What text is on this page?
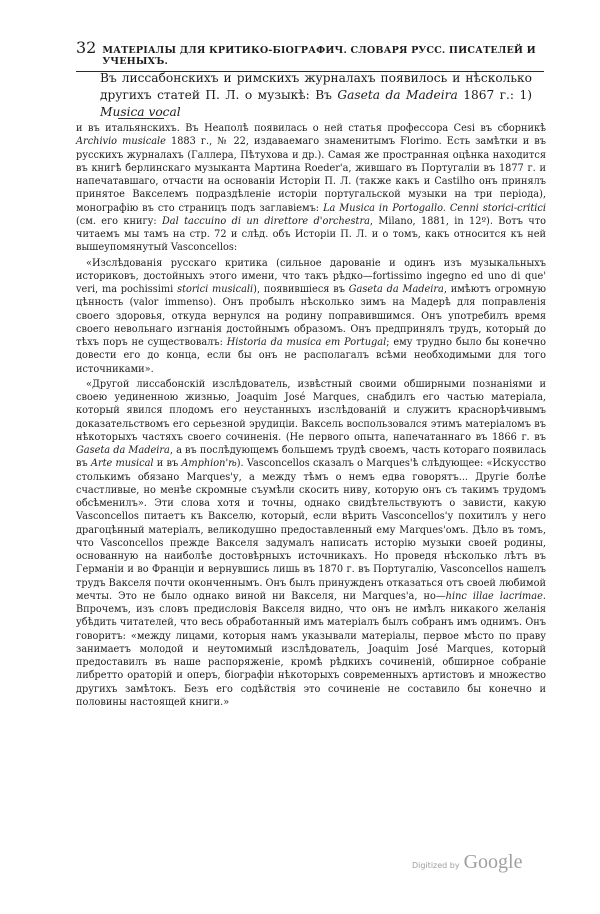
32 МАТЕРІАЛЫ ДЛЯ КРИТИКО-БІОГРАФИЧ. СЛОВАРЯ РУСС. ПИСАТЕЛЕЙ И УЧЕНЫХЪ.
Въ лиссабонскихъ и римскихъ журналахъ появилось и нѣсколько другихъ статей П. Л. о музыкѣ: Въ Gaseta da Madeira 1867 г.: 1) Musica vocal

и въ итальянскихъ. Въ Неаполѣ появилась о ней статья профессора Cesi въ сборникѣ Archivio musicale 1883 г., № 22, издаваемаго знаменитымъ Florimo. Есть замѣтки и въ русскихъ журналахъ (Галлера, Пѣтухова и др.). Самая же пространная оцѣнка находится въ книгѣ берлинскаго музыканта Мартина Roeder'а, жившаго въ Португаліи въ 1877 г. и напечатавшаго, отчасти на основаніи Исторіи П. Л. (также какъ и Castilho онъ принялъ принятое Вакселемъ подраздѣленіе исторіи португальской музыки на три періода), монографію въ сто страницъ подъ заглавіемъ: La Musica in Portogallo. Cenni storici-critici (см. его книгу: Dal taccuino di un direttore d'orchestra, Milano, 1881, in 12º). Вотъ что читаемъ мы тамъ на стр. 72 и слѣд. объ Исторіи П. Л. и о томъ, какъ относится къ ней вышеупомянутый Vasconcellos:

«Изслѣдованія русскаго критика (сильное дарованіе и одинъ изъ музыкальныхъ историковъ, достойныхъ этого имени, что такъ рѣдко—fortissimo ingegno ed uno di que' veri, ma pochissimi storici musicali), появившіеся въ Gaseta da Madeira, имѣютъ огромную цѣнность (valor immenso). Онъ пробылъ нѣсколько зимъ на Мадерѣ для поправленія своего здоровья, откуда вернулся на родину поправившимся. Онъ употребилъ время своего невольнаго изгнанія достойнымъ образомъ. Онъ предпринялъ трудъ, который до тѣхъ поръ не существовалъ: Historia da musica em Portugal; ему трудно было бы конечно довести его до конца, если бы онъ не располагалъ всѣми необходимыми для того источниками».

«Другой лиссабонскій изслѣдователь, извѣстный своими обширными познаніями и своею уединенною жизнью, Joaquim José Marques, снабдилъ его частью матеріала, который явился плодомъ его неустанныхъ изслѣдованій и служитъ краснорѣчивымъ доказательствомъ его серьезной эрудиціи. Ваксель воспользовался этимъ матеріаломъ въ нѣкоторыхъ частяхъ своего сочиненія. (Не первого опыта, напечатаннаго въ 1866 г. въ Gaseta da Madeira, а въ послѣдующемъ большемъ трудѣ своемъ, часть котораго появилась въ Arte musical и въ Amphion'ѣ). Vasconcellos сказалъ о Marques'ѣ слѣдующее: «Искусство столькимъ обязано Marques'у, а между тѣмъ о немъ едва говорятъ... Другіе болѣе счастливые, но менѣе скромные съумѣли скосить ниву, которую онъ съ такимъ трудомъ обсѣменилъ». Эти слова хотя и точны, однако свидѣтельствуютъ о зависти, какую Vasconcellos питаетъ къ Вакселю, который, если вѣрить Vasconcellos'у похитилъ у него драгоцѣнный матеріалъ, великодушно предоставленный ему Marques'омъ. Дѣло въ томъ, что Vasconcellos прежде Вакселя задумалъ написать исторію музыки своей родины, основанную на наиболѣе достовѣрныхъ источникахъ. Но проведя нѣсколько лѣтъ въ Германіи и во Франціи и вернувшись лишь въ 1870 г. въ Португалію, Vasconcellos нашелъ трудъ Вакселя почти оконченнымъ. Онъ былъ принужденъ отказаться отъ своей любимой мечты. Это не было однако виной ни Вакселя, ни Marques'a, но—hinc illae lacrimae. Впрочемъ, изъ словъ предисловія Вакселя видно, что онъ не имѣлъ никакого желанія убѣдить читателей, что весь обработанный имъ матеріалъ былъ собранъ имъ однимъ. Онъ говоритъ: «между лицами, которыя намъ указывали матеріалы, первое мѣсто по праву занимаетъ молодой и неутомимый изслѣдователь, Joaquim José Marques, который предоставилъ въ наше распоряженіе, кромѣ рѣдкихъ сочиненій, обширное собраніе либретто ораторій и оперъ, біографіи нѣкоторыхъ современныхъ артистовъ и множество другихъ замѣтокъ. Безъ его содѣйствія это сочиненіе не составило бы конечно и половины настоящей книги.»

Digitized by Google
